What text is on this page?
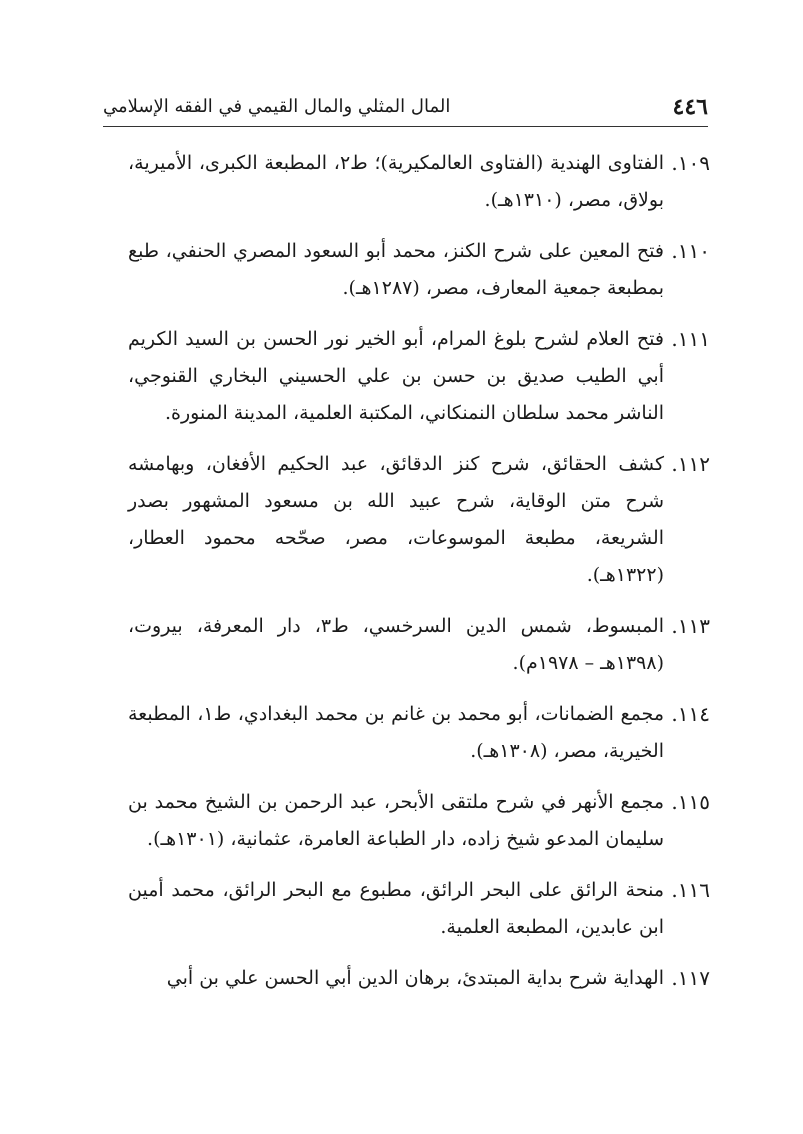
٤٤٦
المال المثلي والمال القيمي في الفقه الإسلامي
١٠٩.
الفتاوى الهندية (الفتاوى العالمكيرية)؛ ط٢، المطبعة الكبرى، الأميرية، بولاق، مصر، (١٣١٠هـ).
١١٠.
فتح المعين على شرح الكنز، محمد أبو السعود المصري الحنفي، طبع بمطبعة جمعية المعارف، مصر، (١٢٨٧هـ).
١١١.
فتح العلام لشرح بلوغ المرام، أبو الخير نور الحسن بن السيد الكريم أبي الطيب صديق بن حسن بن علي الحسيني البخاري القنوجي، الناشر محمد سلطان النمنكاني، المكتبة العلمية، المدينة المنورة.
١١٢.
كشف الحقائق، شرح كنز الدقائق، عبد الحكيم الأفغان، وبهامشه شرح متن الوقاية، شرح عبيد الله بن مسعود المشهور بصدر الشريعة، مطبعة الموسوعات، مصر، صحّحه محمود العطار، (١٣٢٢هـ).
١١٣.
المبسوط، شمس الدين السرخسي، ط٣، دار المعرفة، بيروت، (١٣٩٨هـ – ١٩٧٨م).
١١٤.
مجمع الضمانات، أبو محمد بن غانم بن محمد البغدادي، ط١، المطبعة الخيرية، مصر، (١٣٠٨هـ).
١١٥.
مجمع الأنهر في شرح ملتقى الأبحر، عبد الرحمن بن الشيخ محمد بن سليمان المدعو شيخ زاده، دار الطباعة العامرة، عثمانية، (١٣٠١هـ).
١١٦.
منحة الرائق على البحر الرائق، مطبوع مع البحر الرائق، محمد أمين ابن عابدين، المطبعة العلمية.
١١٧.
الهداية شرح بداية المبتدئ، برهان الدين أبي الحسن علي بن أبي
